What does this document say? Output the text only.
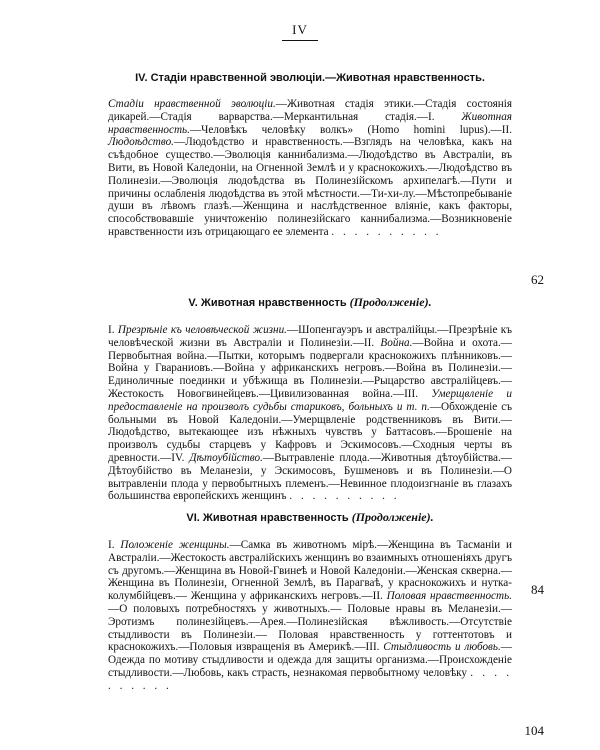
IV
IV. Стадіи нравственной эволюціи.—Животная нравственность.
Стадіи нравственной эволюціи.—Животная стадія этики.—Стадія состоянія дикарей.—Стадія варварства.—Меркантильная стадія.—I. Животная нравственность.—Человѣкъ человѣку волкъ» (Homo homini lupus).—II. Людоѣдство.—Людоѣдство и нравственность.—Взглядъ на человѣка, какъ на съѣдобное существо.—Эволюція каннибализма.—Людоѣдство въ Австраліи, въ Вити, въ Новой Каледоніи, на Огненной Землѣ и у краснокожихъ.—Людоѣдство въ Полинезіи.—Эволюція людоѣдства въ Полинезійскомъ архипелагѣ.—Пути и причины ослабленія людоѣдства въ этой мѣстности.—Ти-хи-лу.—Мѣстопребываніе души въ лѣвомъ глазѣ.—Женщина и наслѣдственное вліяніе, какъ факторы, способствовавшіе уничтоженію полинезійскаго каннибализма.—Возникновеніе нравственности изъ отрицающаго ее элемента . . . . . . . . . .
62
V. Животная нравственность (Продолженіе).
I. Презрѣніе къ человѣческой жизни.—Шопенгауэръ и австралійцы.—Презрѣніе къ человѣческой жизни въ Австраліи и Полинезіи.—II. Война.—Война и охота.—Первобытная война.—Пытки, которымъ подвергали краснокожихъ плѣнниковъ.—Война у Гвараниовъ.—Война у африканскихъ негровъ.—Война въ Полинезіи.—Единоличные поединки и убѣжища въ Полинезіи.—Рыцарство австралійцевъ.—Жестокость Новогвинейцевъ.—Цивилизованная война.—III. Умерщвленіе и предоставленіе на произволъ судьбы стариковъ, больныхъ и т. п.—Обхожденіе съ больными въ Новой Каледоніи.—Умерщвленіе родственниковъ въ Вити.—Людоѣдство, вытекающее изъ нѣжныхъ чувствъ у Баттасовъ.—Брошеніе на произволъ судьбы старцевъ у Кафровъ и Эскимосовъ.—Сходныя черты въ древности.—IV. Дѣтоубійство.—Вытравленіе плода.—Животныя дѣтоубійства.—Дѣтоубійство въ Меланезіи, у Эскимосовъ, Бушменовъ и въ Полинезіи.—О вытравленіи плода у первобытныхъ племенъ.—Невинное плодоизгнаніе въ глазахъ большинства европейскихъ женщинъ . . . . . . . . . .
84
VI. Животная нравственность (Продолженіе).
I. Положеніе женщины.—Самка въ животномъ мірѣ.—Женщина въ Тасманіи и Австраліи.—Жестокость австралійскихъ женщинъ во взаимныхъ отношеніяхъ другъ съ другомъ.—Женщина въ Новой-Гвинеѣ и Новой Каледоніи.—Женская скверна.—Женщина въ Полинезіи, Огненной Землѣ, въ Парагваѣ, у краснокожихъ и нутка-колумбійцевъ.— Женщина у африканскихъ негровъ.—II. Половая нравственность.—О половыхъ потребностяхъ у животныхъ.— Половые нравы въ Меланезіи.—Эротизмъ полинезійцевъ.—Арея.—Полинезійская вѣжливость.—Отсутствіе стыдливости въ Полинезіи.— Половая нравственность у готтентотовъ и краснокожихъ.—Половыя извращенія въ Америкѣ.—III. Стыдливость и любовь.—Одежда по мотиву стыдливости и одежда для защиты организма.—Происхожденіе стыдливости.—Любовь, какъ страсть, незнакомая первобытному человѣку . . . . . . . . . .
104
